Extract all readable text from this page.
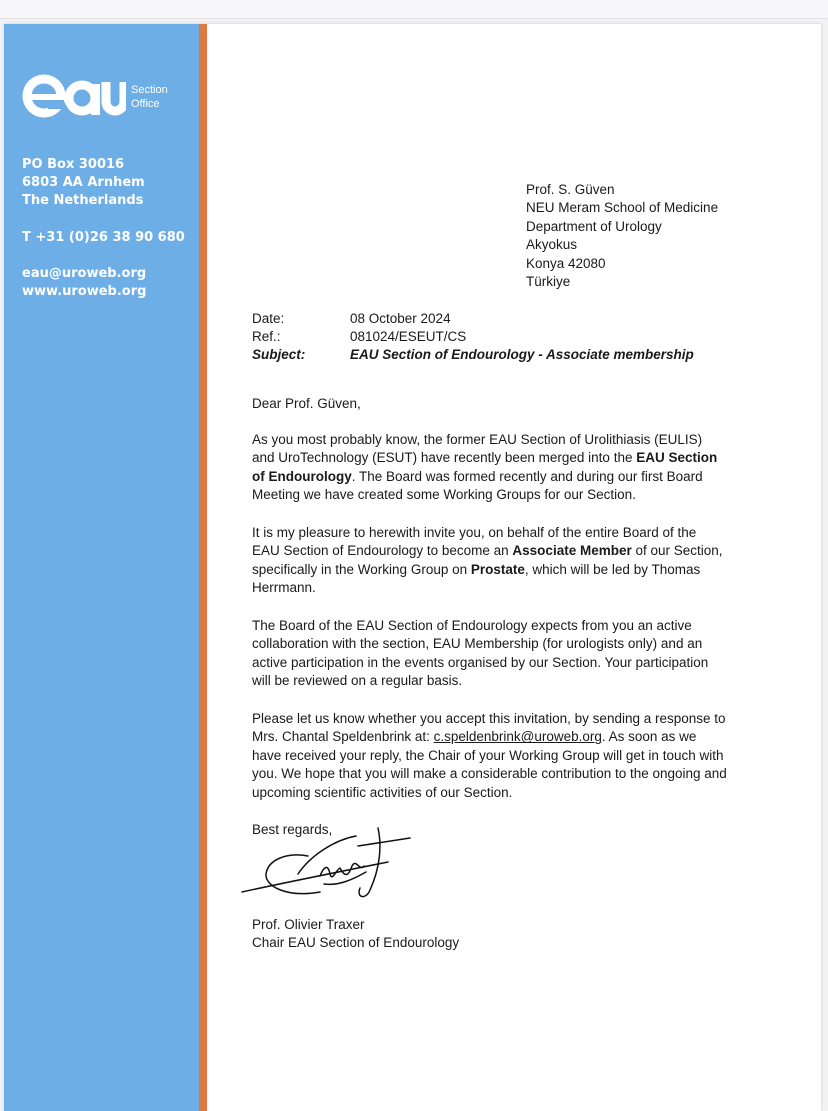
Section
Office
PO Box 30016
6803 AA Arnhem
The Netherlands
T +31 (0)26 38 90 680
eau@uroweb.org
www.uroweb.org
Prof. S. Güven
NEU Meram School of Medicine
Department of Urology
Akyokus
Konya 42080
Türkiye
Date:	08 October 2024
Ref.:	081024/ESEUT/CS
Subject:	EAU Section of Endourology - Associate membership
Dear Prof. Güven,
As you most probably know, the former EAU Section of Urolithiasis (EULIS) and UroTechnology (ESUT) have recently been merged into the EAU Section of Endourology. The Board was formed recently and during our first Board Meeting we have created some Working Groups for our Section.
It is my pleasure to herewith invite you, on behalf of the entire Board of the EAU Section of Endourology to become an Associate Member of our Section, specifically in the Working Group on Prostate, which will be led by Thomas Herrmann.
The Board of the EAU Section of Endourology expects from you an active collaboration with the section, EAU Membership (for urologists only) and an active participation in the events organised by our Section. Your participation will be reviewed on a regular basis.
Please let us know whether you accept this invitation, by sending a response to Mrs. Chantal Speldenbrink at: c.speldenbrink@uroweb.org. As soon as we have received your reply, the Chair of your Working Group will get in touch with you. We hope that you will make a considerable contribution to the ongoing and upcoming scientific activities of our Section.
Best regards,
Prof. Olivier Traxer
Chair EAU Section of Endourology
